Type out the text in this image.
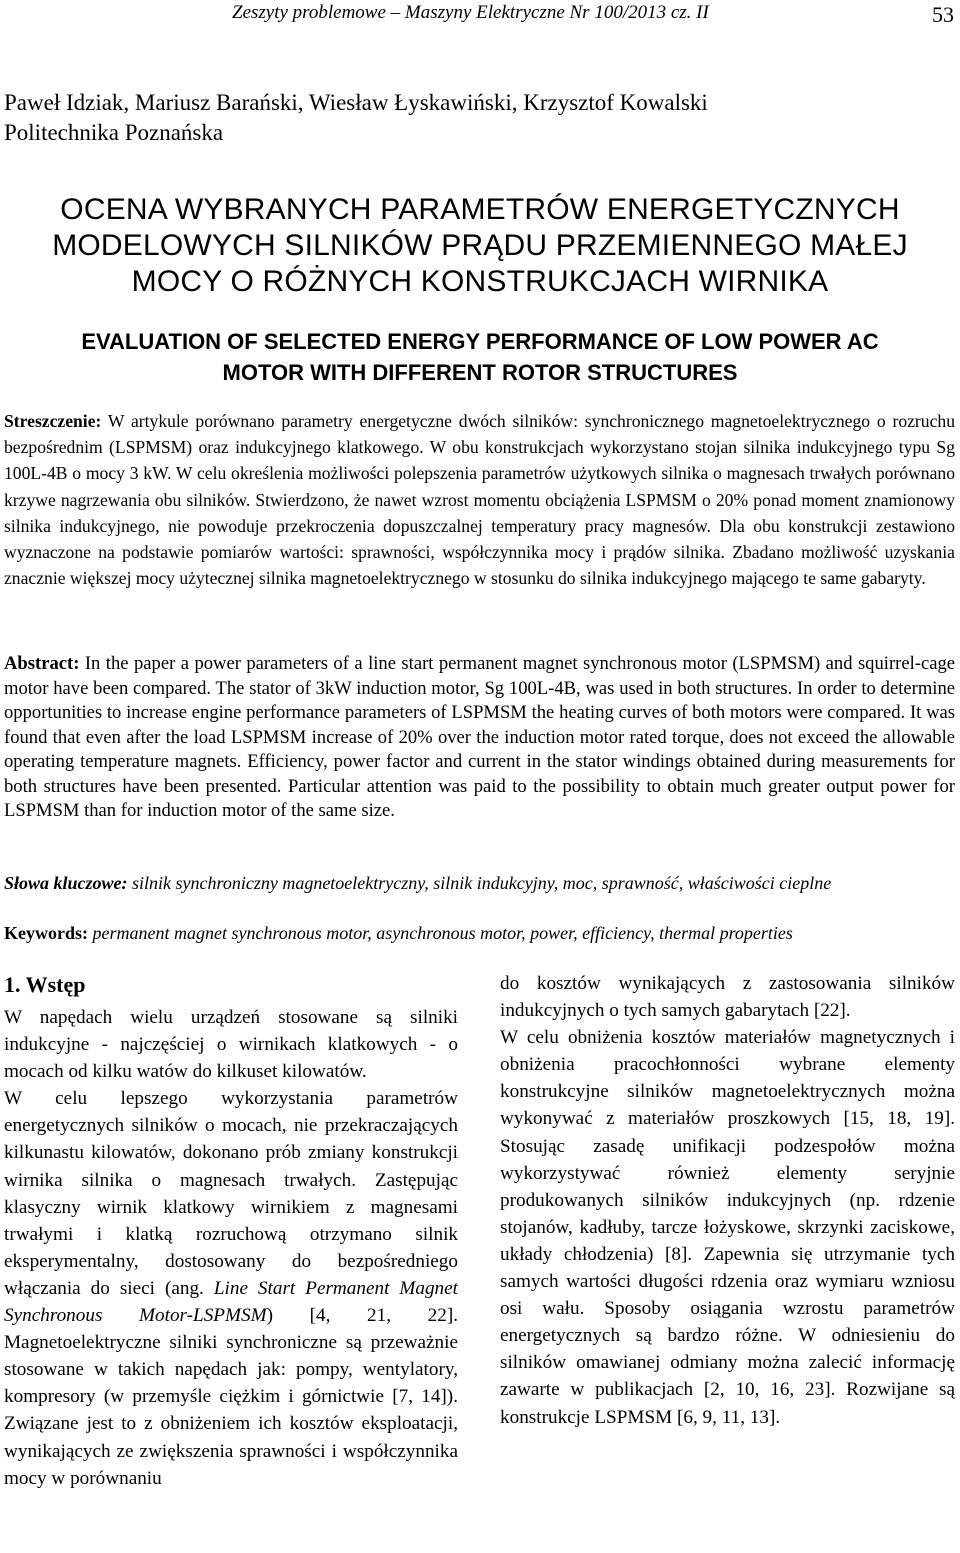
Zeszyty problemowe – Maszyny Elektryczne Nr 100/2013 cz. II	53
Paweł Idziak, Mariusz Barański, Wiesław Łyskawiński, Krzysztof Kowalski
Politechnika Poznańska
OCENA WYBRANYCH PARAMETRÓW ENERGETYCZNYCH
MODELOWYCH SILNIKÓW PRĄDU PRZEMIENNEGO MAŁEJ
MOCY O RÓŻNYCH KONSTRUKCJACH WIRNIKA
EVALUATION OF SELECTED ENERGY PERFORMANCE OF LOW POWER AC
MOTOR WITH DIFFERENT ROTOR STRUCTURES
Streszczenie: W artykule porównano parametry energetyczne dwóch silników: synchronicznego magnetoelektrycznego o rozruchu bezpośrednim (LSPMSM) oraz indukcyjnego klatkowego. W obu konstrukcjach wykorzystano stojan silnika indukcyjnego typu Sg 100L-4B o mocy 3 kW. W celu określenia możliwości polepszenia parametrów użytkowych silnika o magnesach trwałych porównano krzywe nagrzewania obu silników. Stwierdzono, że nawet wzrost momentu obciążenia LSPMSM o 20% ponad moment znamionowy silnika indukcyjnego, nie powoduje przekroczenia dopuszczalnej temperatury pracy magnesów. Dla obu konstrukcji zestawiono wyznaczone na podstawie pomiarów wartości: sprawności, współczynnika mocy i prądów silnika. Zbadano możliwość uzyskania znacznie większej mocy użytecznej silnika magnetoelektrycznego w stosunku do silnika indukcyjnego mającego te same gabaryty.
Abstract: In the paper a power parameters of a line start permanent magnet synchronous motor (LSPMSM) and squirrel-cage motor have been compared. The stator of 3kW induction motor, Sg 100L-4B, was used in both structures. In order to determine opportunities to increase engine performance parameters of LSPMSM the heating curves of both motors were compared. It was found that even after the load LSPMSM increase of 20% over the induction motor rated torque, does not exceed the allowable operating temperature magnets. Efficiency, power factor and current in the stator windings obtained during measurements for both structures have been presented. Particular attention was paid to the possibility to obtain much greater output power for LSPMSM than for induction motor of the same size.
Słowa kluczowe: silnik synchroniczny magnetoelektryczny, silnik indukcyjny, moc, sprawność, właściwości cieplne
Keywords: permanent magnet synchronous motor, asynchronous motor, power, efficiency, thermal properties
1. Wstęp

W napędach wielu urządzeń stosowane są silniki indukcyjne - najczęściej o wirnikach klatkowych - o mocach od kilku watów do kilkuset kilowatów.

W celu lepszego wykorzystania parametrów energetycznych silników o mocach, nie przekraczających kilkunastu kilowatów, dokonano prób zmiany konstrukcji wirnika silnika o magnesach trwałych. Zastępując klasyczny wirnik klatkowy wirnikiem z magnesami trwałymi i klatką rozruchową otrzymano silnik eksperymentalny, dostosowany do bezpośredniego włączania do sieci (ang. Line Start Permanent Magnet Synchronous Motor-LSPMSM) [4, 21, 22]. Magnetoelektryczne silniki synchroniczne są przeważnie stosowane w takich napędach jak: pompy, wentylatory, kompresory (w przemyśle ciężkim i górnictwie [7, 14]). Związane jest to z obniżeniem ich kosztów eksploatacji, wynikających ze zwiększenia sprawności i współczynnika mocy w porównaniu

do kosztów wynikających z zastosowania silników indukcyjnych o tych samych gabarytach [22].

W celu obniżenia kosztów materiałów magnetycznych i obniżenia pracochłonności wybrane elementy konstrukcyjne silników magnetoelektrycznych można wykonywać z materiałów proszkowych [15, 18, 19]. Stosując zasadę unifikacji podzespołów można wykorzystywać również elementy seryjnie produkowanych silników indukcyjnych (np. rdzenie stojanów, kadłuby, tarcze łożyskowe, skrzynki zaciskowe, układy chłodzenia) [8]. Zapewnia się utrzymanie tych samych wartości długości rdzenia oraz wymiaru wzniosu osi wału. Sposoby osiągania wzrostu parametrów energetycznych są bardzo różne. W odniesieniu do silników omawianej odmiany można zalecić informację zawarte w publikacjach [2, 10, 16, 23]. Rozwijane są konstrukcje LSPMSM [6, 9, 11, 13].
